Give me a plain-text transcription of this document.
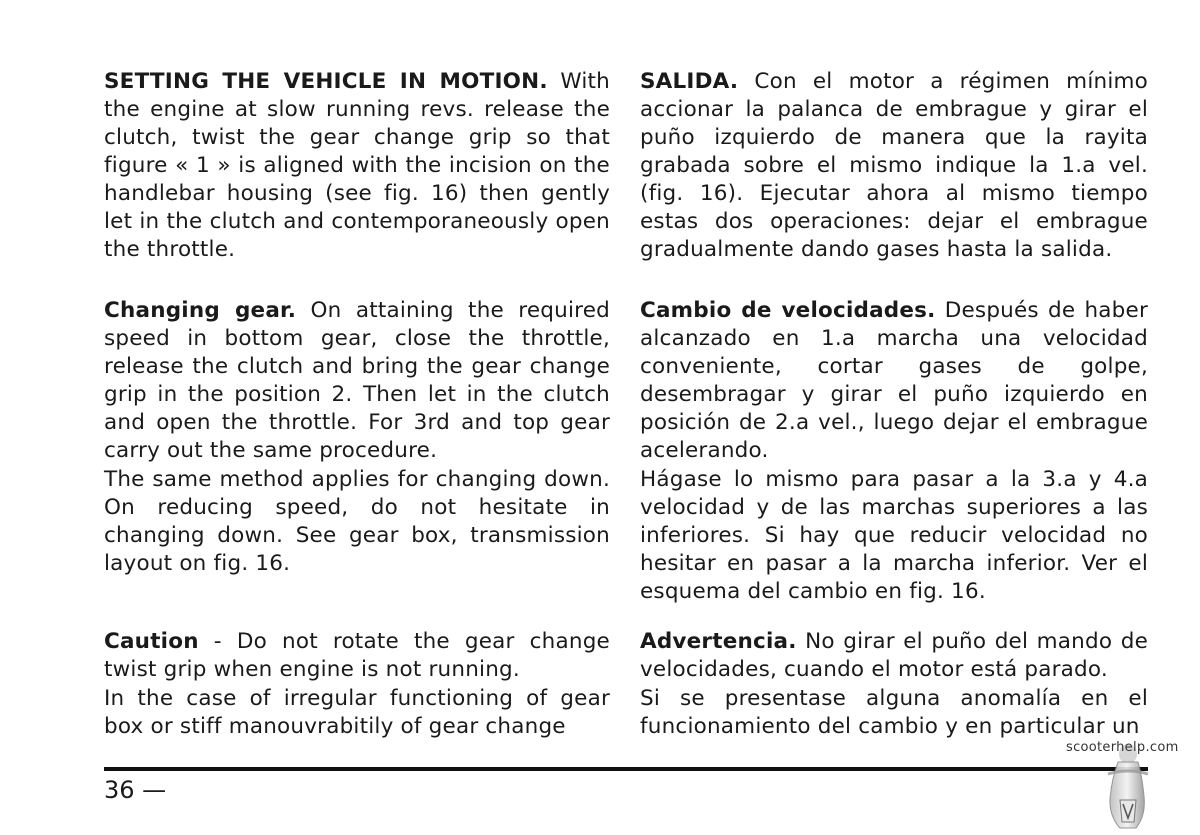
SETTING THE VEHICLE IN MOTION. With the engine at slow running revs. release the clutch, twist the gear change grip so that figure « 1 » is aligned with the incision on the handlebar housing (see fig. 16) then gently let in the clutch and contemporaneously open the throttle.

Changing gear. On attaining the required speed in bottom gear, close the throttle, release the clutch and bring the gear change grip in the position 2. Then let in the clutch and open the throttle. For 3rd and top gear carry out the same procedure.
The same method applies for changing down. On reducing speed, do not hesitate in changing down. See gear box, transmission layout on fig. 16.

Caution - Do not rotate the gear change twist grip when engine is not running.
In the case of irregular functioning of gear box or stiff manouvrabitily of gear change

SALIDA. Con el motor a régimen mínimo accionar la palanca de embrague y girar el puño izquierdo de manera que la rayita grabada sobre el mismo indique la 1.a vel. (fig. 16). Ejecutar ahora al mismo tiempo estas dos operaciones: dejar el embrague gradualmente dando gases hasta la salida.

Cambio de velocidades. Después de haber alcanzado en 1.a marcha una velocidad conveniente, cortar gases de golpe, desembragar y girar el puño izquierdo en posición de 2.a vel., luego dejar el embrague acelerando.
Hágase lo mismo para pasar a la 3.a y 4.a velocidad y de las marchas superiores a las inferiores. Si hay que reducir velocidad no hesitar en pasar a la marcha inferior. Ver el esquema del cambio en fig. 16.

Advertencia. No girar el puño del mando de velocidades, cuando el motor está parado.
Si se presentase alguna anomalía en el funcionamiento del cambio y en particular un

36 —
scooterhelp.com
